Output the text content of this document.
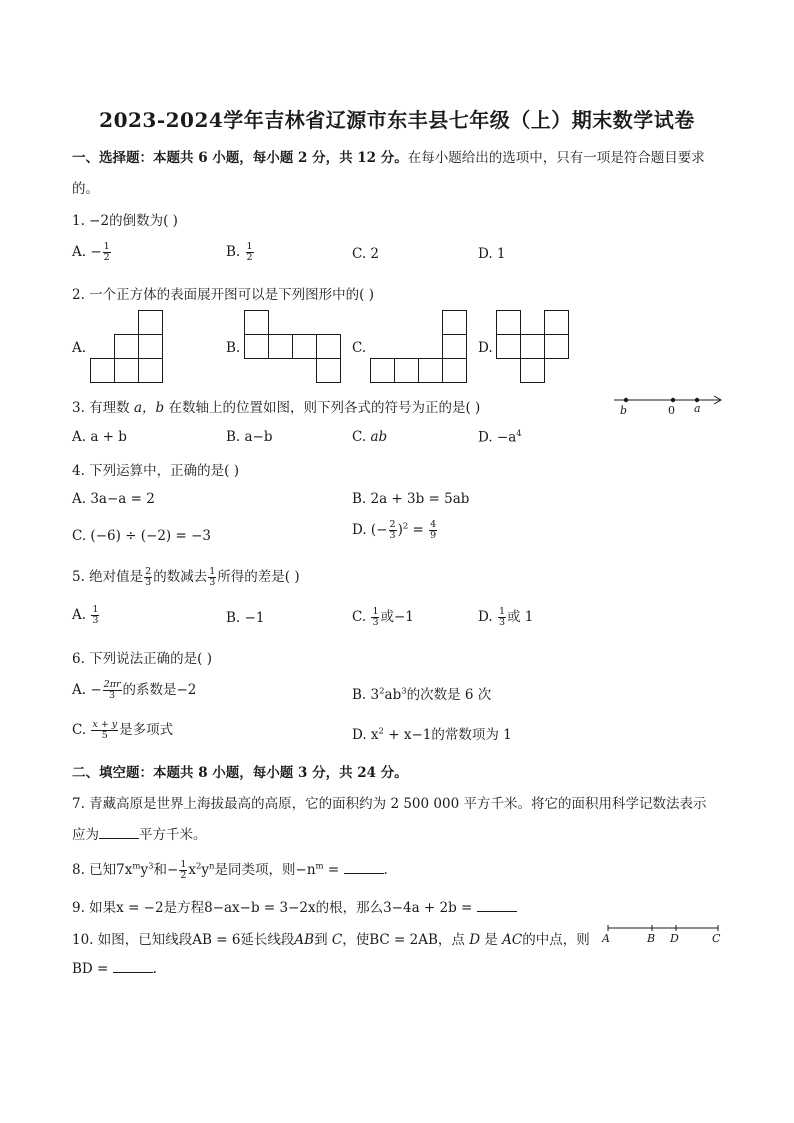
2023-2024学年吉林省辽源市东丰县七年级（上）期末数学试卷
一、选择题：本题共 6 小题，每小题 2 分，共 12 分。在每小题给出的选项中，只有一项是符合题目要求
的。
1. −2的倒数为( )
A. − $\frac{1}{2}$	B. $\frac{1}{2}$	C. 2	D. 1
2. 一个正方体的表面展开图可以是下列图形中的( )
A.	B.	C.	D.
3. 有理数 a，b 在数轴上的位置如图，则下列各式的符号为正的是( )	b	0 a
A. a + b	B. a−b	C. ab	D. $-a^4$
4. 下列运算中，正确的是( )
A. 3a−a = 2	B. 2a + 3b = 5ab
C. (−6) ÷ (−2) = −3	D. (− $\frac{2}{3} )^2 = \frac{4}{9}$
5. 绝对值是 $\frac{2}{3}$ 的数减去 $\frac{1}{3}$ 所得的差是( )
A. $\frac{1}{3}$	B. −1	C. $\frac{1}{3}$ 或−1	D. $\frac{1}{3}$ 或 1
6. 下列说法正确的是( )
A. − $\frac{2\pi r}{3}$ 的系数是−2	B. $3^2ab^3$的次数是 6 次
C. $\frac{x + y}{5}$ 是多项式	D. $x^2 + x-1$的常数项为 1
二、填空题：本题共 8 小题，每小题 3 分，共 24 分。
7. 青藏高原是世界上海拔最高的高原，它的面积约为 2 500 000 平方千米。将它的面积用科学记数法表示
应为	平方千米。
8. 已知$7x^my^3$和− $\frac{1}{2} x^2y^n$是同类项，则$-n^m$ =	.
9. 如果x = −2是方程8−ax−b = 3−2x的根，那么3−4a + 2b =
10. 如图，已知线段AB = 6延长线段AB到 C，使BC = 2AB，点 D 是 AC的中点，则
BD =	.
A	B D	C
